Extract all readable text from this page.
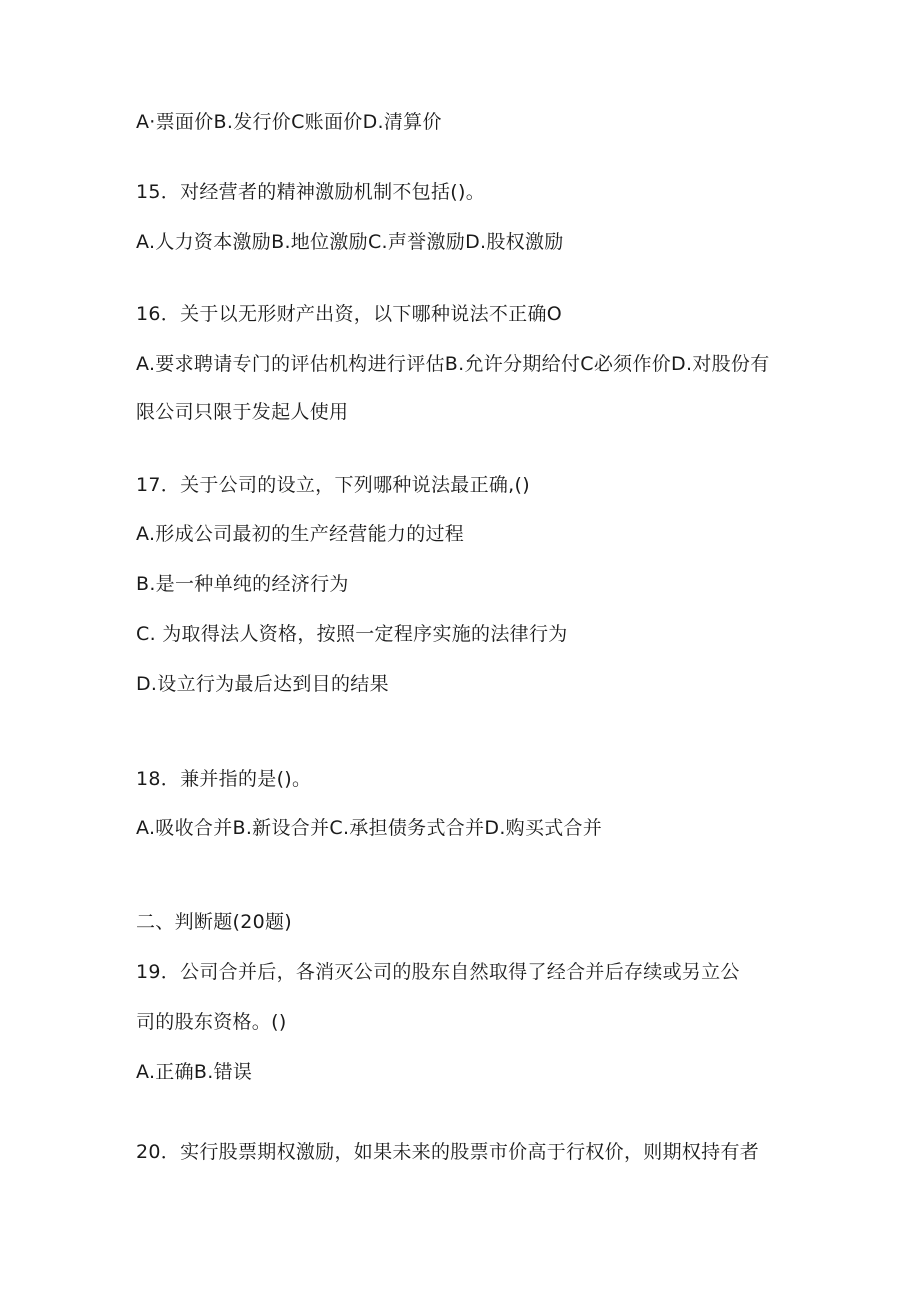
A·票面价B.发行价C账面价D.清算价
15．对经营者的精神激励机制不包括()。
A.人力资本激励B.地位激励C.声誉激励D.股权激励
16．关于以无形财产出资，以下哪种说法不正确O
A.要求聘请专门的评估机构进行评估B.允许分期给付C必须作价D.对股份有
限公司只限于发起人使用
17．关于公司的设立，下列哪种说法最正确,()
A.形成公司最初的生产经营能力的过程
B.是一种单纯的经济行为
C. 为取得法人资格，按照一定程序实施的法律行为
D.设立行为最后达到目的结果
18．兼并指的是()。
A.吸收合并B.新设合并C.承担债务式合并D.购买式合并
二、判断题(20题)
19．公司合并后，各消灭公司的股东自然取得了经合并后存续或另立公
司的股东资格。()
A.正确B.错误
20．实行股票期权激励，如果未来的股票市价高于行权价，则期权持有者
